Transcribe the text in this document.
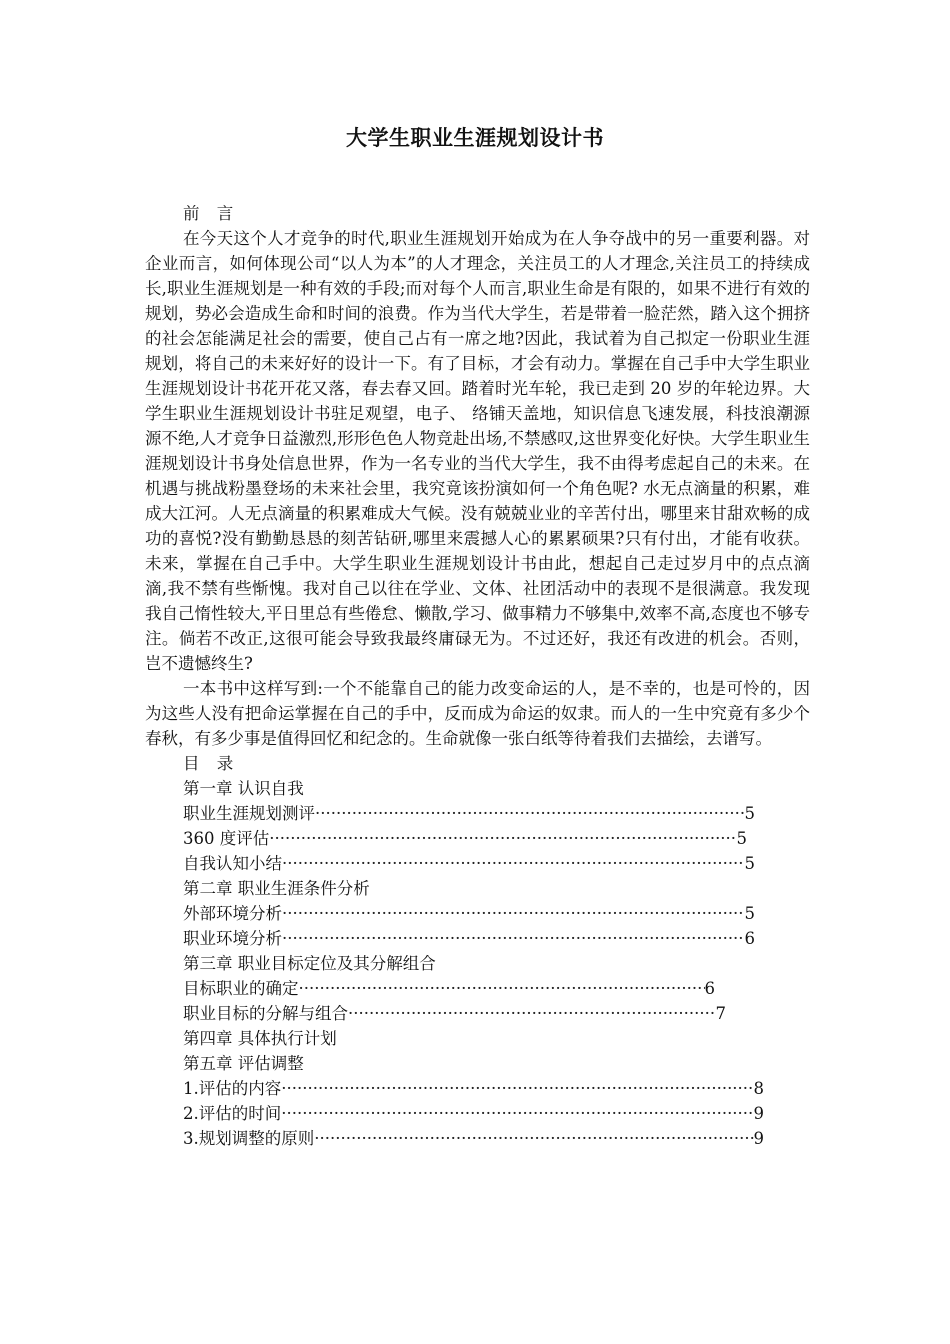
大学生职业生涯规划设计书
前 言

在今天这个人才竞争的时代,职业生涯规划开始成为在人争夺战中的另一重要利器。对企业而言，如何体现公司“以人为本”的人才理念，关注员工的人才理念,关注员工的持续成长,职业生涯规划是一种有效的手段;而对每个人而言,职业生命是有限的，如果不进行有效的规划，势必会造成生命和时间的浪费。作为当代大学生，若是带着一脸茫然，踏入这个拥挤的社会怎能满足社会的需要，使自己占有一席之地?因此，我试着为自己拟定一份职业生涯规划，将自己的未来好好的设计一下。有了目标，才会有动力。掌握在自己手中大学生职业生涯规划设计书花开花又落，春去春又回。踏着时光车轮，我已走到 20 岁的年轮边界。大学生职业生涯规划设计书驻足观望，电子、 络铺天盖地，知识信息飞速发展，科技浪潮源源不绝,人才竞争日益激烈,形形色色人物竞赴出场,不禁感叹,这世界变化好快。大学生职业生涯规划设计书身处信息世界，作为一名专业的当代大学生，我不由得考虑起自己的未来。在机遇与挑战粉墨登场的未来社会里，我究竟该扮演如何一个角色呢? 水无点滴量的积累，难成大江河。人无点滴量的积累难成大气候。没有兢兢业业的辛苦付出，哪里来甘甜欢畅的成功的喜悦?没有勤勤恳恳的刻苦钻研,哪里来震撼人心的累累硕果?只有付出，才能有收获。未来，掌握在自己手中。大学生职业生涯规划设计书由此，想起自己走过岁月中的点点滴滴,我不禁有些惭愧。我对自己以往在学业、文体、社团活动中的表现不是很满意。我发现我自己惰性较大,平日里总有些倦怠、懒散,学习、做事精力不够集中,效率不高,态度也不够专注。倘若不改正,这很可能会导致我最终庸碌无为。不过还好，我还有改进的机会。否则，岂不遗憾终生?

一本书中这样写到:一个不能靠自己的能力改变命运的人，是不幸的，也是可怜的，因为这些人没有把命运掌握在自己的手中，反而成为命运的奴隶。而人的一生中究竟有多少个春秋，有多少事是值得回忆和纪念的。生命就像一张白纸等待着我们去描绘，去谱写。

目 录
第一章 认识自我
职业生涯规划测评 ·····	5
360 度评估 ·····	5
自我认知小结 ·····	5
第二章 职业生涯条件分析
外部环境分析 ·····	5
职业环境分析 ·····	6
第三章 职业目标定位及其分解组合
目标职业的确定 ·····	6
职业目标的分解与组合 ·····	7
第四章 具体执行计划
第五章 评估调整
1.评估的内容 ·····	8
2.评估的时间 ·····	9
3.规划调整的原则 ·····	9
